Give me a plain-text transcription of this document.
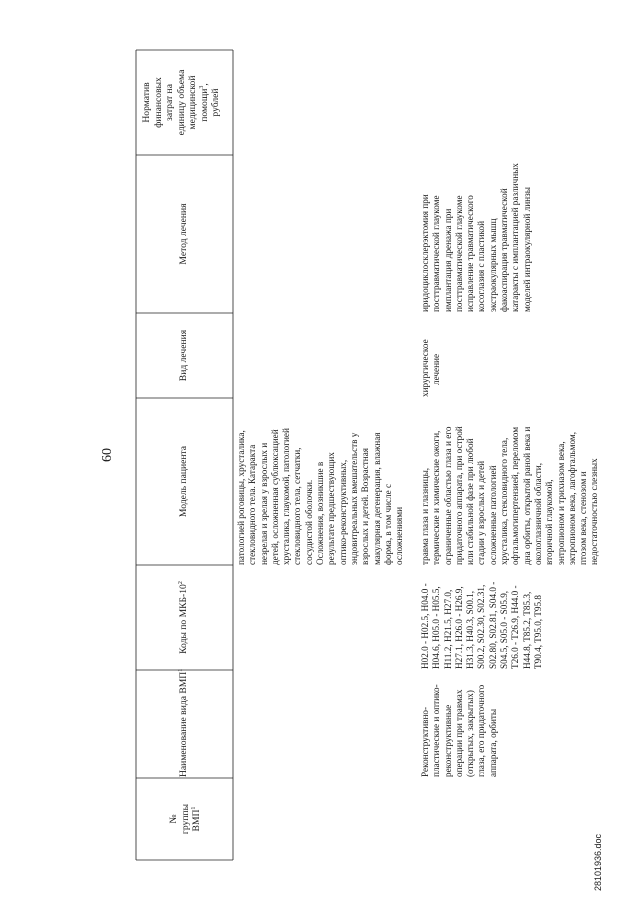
60
№ группы ВМП$^1$
Наименование вида ВМП$^1$
Коды по МКБ-$10^2$
Модель пациента
Вид лечения
Метод лечения
Норматив финансовых затрат на единицу объема медицинской помощи$^3$,
рублей
патологией роговицы, хрусталика, стекловидного тела. Катаракта незрелая и зрелая у взрослых и детей, осложненная сублюксацией хрусталика, глаукомой, патологией стекловидного тела, сетчатки, сосудистой оболочки. Осложнения, возникшие в результате предшествующих оптико-реконструктивных, эндовитреальных вмешательств у взрослых и детей. Возрастная макулярная дегенерация, влажная форма, в том числе с осложнениями
Реконструктивно- пластические и оптико- реконструктивные операции при травмах (открытых, закрытых) глаза, его придаточного аппарата, орбиты
H02.0 - H02.5, H04.0 - H04.6, H05.0 - H05.5, H11.2, H21.5, H27.0, H27.1, H26.0 - H26.9, H31.3, H40.3, S00.1, S00.2, S02.30, S02.31, S02.80, S02.81, S04.0 - S04.5, S05.0 - S05.9, T26.0 - T26.9, H44.0 - H44.8, T85.2, T85.3, T90.4, T95.0, T95.8
травма глаза и глазницы, термические и химические ожоги, ограниченные областью глаза и его придаточного аппарата, при острой или стабильной фазе при любой стадии у взрослых и детей осложненные патологией хрусталика, стекловидного тела, офтальмогипертензией, переломом дна орбиты, открытой раной века и окологлазничной области, вторичной глаукомой, энтропионом и трихиазом века, эктропионом века, лагофтальмом, птозом века, стенозом и недостаточностью слезных
хирургическое лечение
иридоциклосклерэктомия при посттравматической глаукоме имплантация дренажа при посттравматической глаукоме исправление травматического косоглазия с пластикой экстраокулярных мышц факоаспирация травматической катаракты с имплантацией различных моделей интраокулярной линзы
28101936.doc
